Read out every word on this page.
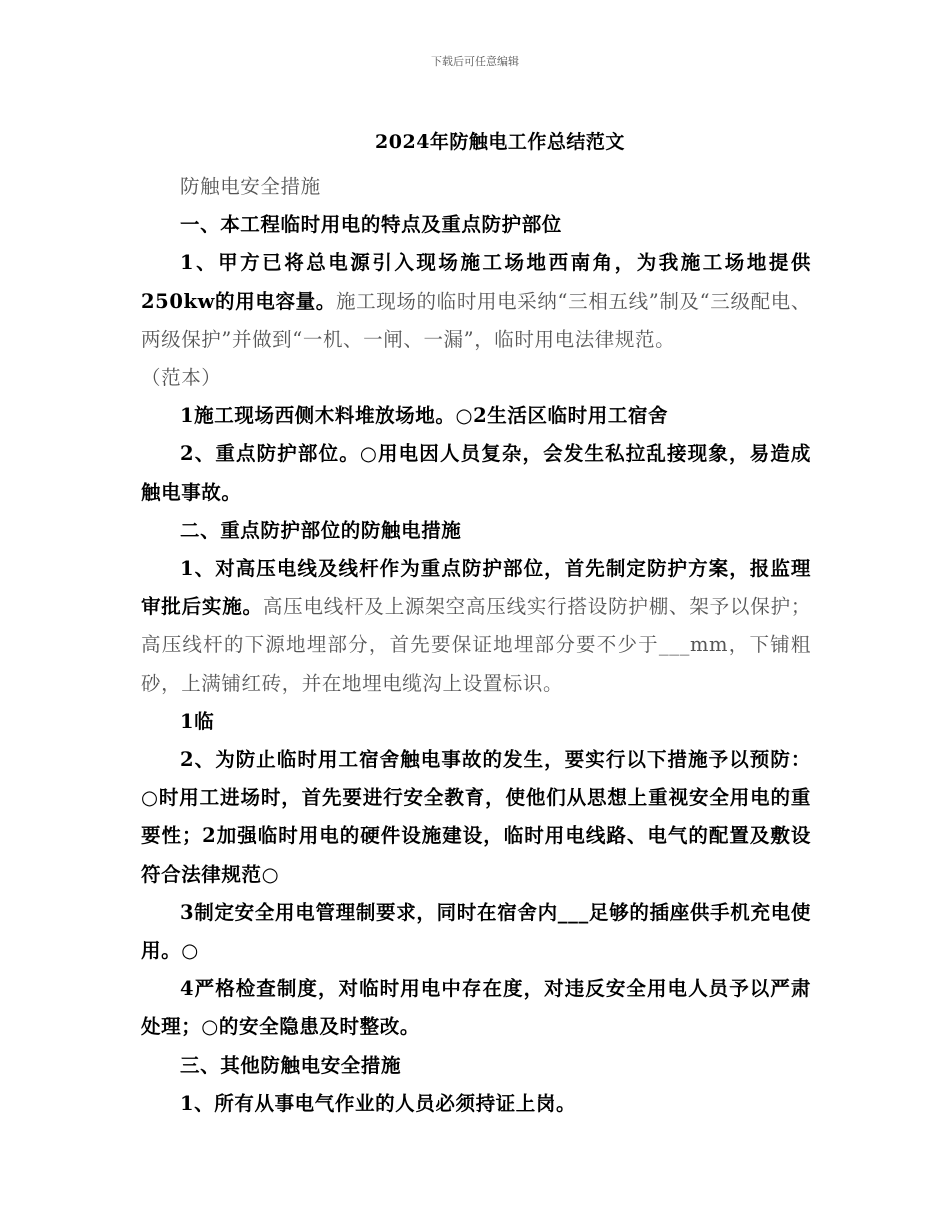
下载后可任意编辑
2024年防触电工作总结范文

防触电安全措施

一、本工程临时用电的特点及重点防护部位

1、甲方已将总电源引入现场施工场地西南角，为我施工场地提供250kw的用电容量。施工现场的临时用电采纳“三相五线”制及“三级配电、两级保护”并做到“一机、一闸、一漏”，临时用电法律规范。

（范本）

1施工现场西侧木料堆放场地。○2生活区临时用工宿舍

2、重点防护部位。○用电因人员复杂，会发生私拉乱接现象，易造成触电事故。

二、重点防护部位的防触电措施

1、对高压电线及线杆作为重点防护部位，首先制定防护方案，报监理审批后实施。高压电线杆及上源架空高压线实行搭设防护棚、架予以保护；高压线杆的下源地埋部分，首先要保证地埋部分要不少于___mm，下铺粗砂，上满铺红砖，并在地埋电缆沟上设置标识。

1临

2、为防止临时用工宿舍触电事故的发生，要实行以下措施予以预防：○时用工进场时，首先要进行安全教育，使他们从思想上重视安全用电的重要性；2加强临时用电的硬件设施建设，临时用电线路、电气的配置及敷设符合法律规范○

3制定安全用电管理制要求，同时在宿舍内___足够的插座供手机充电使用。○

4严格检查制度，对临时用电中存在度，对违反安全用电人员予以严肃处理；○的安全隐患及时整改。

三、其他防触电安全措施

1、所有从事电气作业的人员必须持证上岗。
